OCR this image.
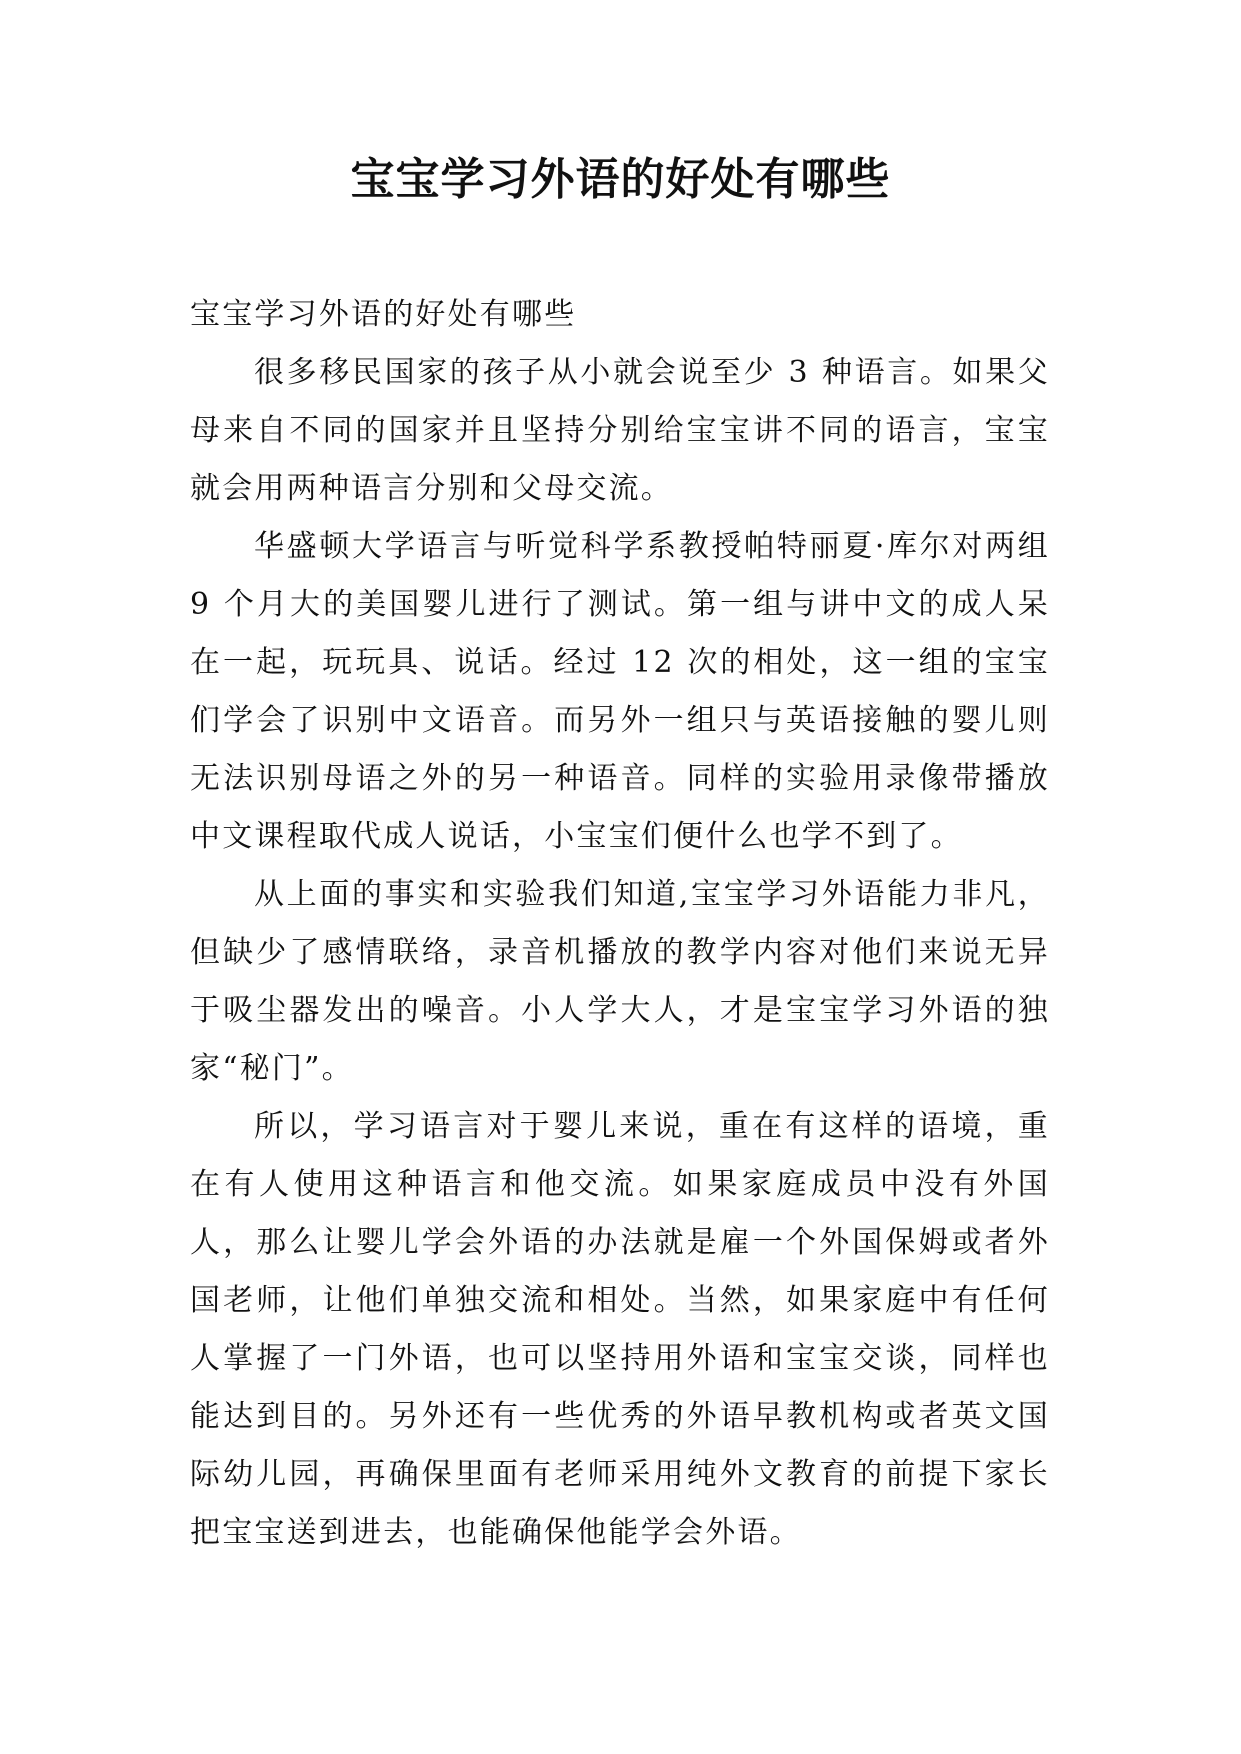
宝宝学习外语的好处有哪些

宝宝学习外语的好处有哪些

很多移民国家的孩子从小就会说至少 3 种语言。如果父母来自不同的国家并且坚持分别给宝宝讲不同的语言，宝宝就会用两种语言分别和父母交流。

华盛顿大学语言与听觉科学系教授帕特丽夏·库尔对两组 9 个月大的美国婴儿进行了测试。第一组与讲中文的成人呆在一起，玩玩具、说话。经过 12 次的相处，这一组的宝宝们学会了识别中文语音。而另外一组只与英语接触的婴儿则无法识别母语之外的另一种语音。同样的实验用录像带播放中文课程取代成人说话，小宝宝们便什么也学不到了。

从上面的事实和实验我们知道,宝宝学习外语能力非凡，但缺少了感情联络，录音机播放的教学内容对他们来说无异于吸尘器发出的噪音。小人学大人，才是宝宝学习外语的独家“秘门”。

所以，学习语言对于婴儿来说，重在有这样的语境，重在有人使用这种语言和他交流。如果家庭成员中没有外国人，那么让婴儿学会外语的办法就是雇一个外国保姆或者外国老师，让他们单独交流和相处。当然，如果家庭中有任何人掌握了一门外语，也可以坚持用外语和宝宝交谈，同样也能达到目的。另外还有一些优秀的外语早教机构或者英文国际幼儿园，再确保里面有老师采用纯外文教育的前提下家长把宝宝送到进去，也能确保他能学会外语。
